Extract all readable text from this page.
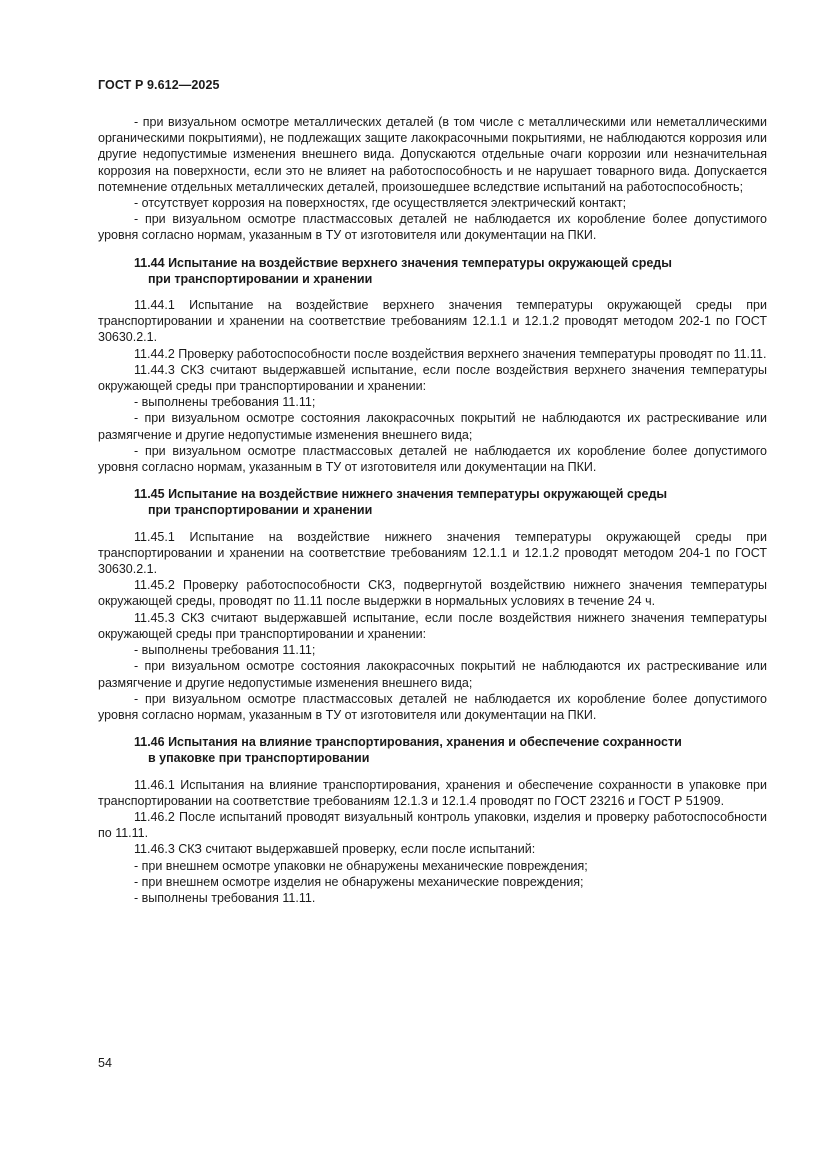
ГОСТ Р 9.612—2025

- при визуальном осмотре металлических деталей (в том числе с металлическими или неметаллическими органическими покрытиями), не подлежащих защите лакокрасочными покрытиями, не наблюдаются коррозия или другие недопустимые изменения внешнего вида. Допускаются отдельные очаги коррозии или незначительная коррозия на поверхности, если это не влияет на работоспособность и не нарушает товарного вида. Допускается потемнение отдельных металлических деталей, произошедшее вследствие испытаний на работоспособность;

- отсутствует коррозия на поверхностях, где осуществляется электрический контакт;

- при визуальном осмотре пластмассовых деталей не наблюдается их коробление более допустимого уровня согласно нормам, указанным в ТУ от изготовителя или документации на ПКИ.

11.44 Испытание на воздействие верхнего значения температуры окружающей среды
при транспортировании и хранении

11.44.1 Испытание на воздействие верхнего значения температуры окружающей среды при транспортировании и хранении на соответствие требованиям 12.1.1 и 12.1.2 проводят методом 202-1 по ГОСТ 30630.2.1.

11.44.2 Проверку работоспособности после воздействия верхнего значения температуры проводят по 11.11.

11.44.3 СКЗ считают выдержавшей испытание, если после воздействия верхнего значения температуры окружающей среды при транспортировании и хранении:

- выполнены требования 11.11;

- при визуальном осмотре состояния лакокрасочных покрытий не наблюдаются их растрескивание или размягчение и другие недопустимые изменения внешнего вида;

- при визуальном осмотре пластмассовых деталей не наблюдается их коробление более допустимого уровня согласно нормам, указанным в ТУ от изготовителя или документации на ПКИ.

11.45 Испытание на воздействие нижнего значения температуры окружающей среды
при транспортировании и хранении

11.45.1 Испытание на воздействие нижнего значения температуры окружающей среды при транспортировании и хранении на соответствие требованиям 12.1.1 и 12.1.2 проводят методом 204-1 по ГОСТ 30630.2.1.

11.45.2 Проверку работоспособности СКЗ, подвергнутой воздействию нижнего значения температуры окружающей среды, проводят по 11.11 после выдержки в нормальных условиях в течение 24 ч.

11.45.3 СКЗ считают выдержавшей испытание, если после воздействия нижнего значения температуры окружающей среды при транспортировании и хранении:

- выполнены требования 11.11;

- при визуальном осмотре состояния лакокрасочных покрытий не наблюдаются их растрескивание или размягчение и другие недопустимые изменения внешнего вида;

- при визуальном осмотре пластмассовых деталей не наблюдается их коробление более допустимого уровня согласно нормам, указанным в ТУ от изготовителя или документации на ПКИ.

11.46 Испытания на влияние транспортирования, хранения и обеспечение сохранности
в упаковке при транспортировании

11.46.1 Испытания на влияние транспортирования, хранения и обеспечение сохранности в упаковке при транспортировании на соответствие требованиям 12.1.3 и 12.1.4 проводят по ГОСТ 23216 и ГОСТ Р 51909.

11.46.2 После испытаний проводят визуальный контроль упаковки, изделия и проверку работоспособности по 11.11.

11.46.3 СКЗ считают выдержавшей проверку, если после испытаний:

- при внешнем осмотре упаковки не обнаружены механические повреждения;

- при внешнем осмотре изделия не обнаружены механические повреждения;

- выполнены требования 11.11.

54
